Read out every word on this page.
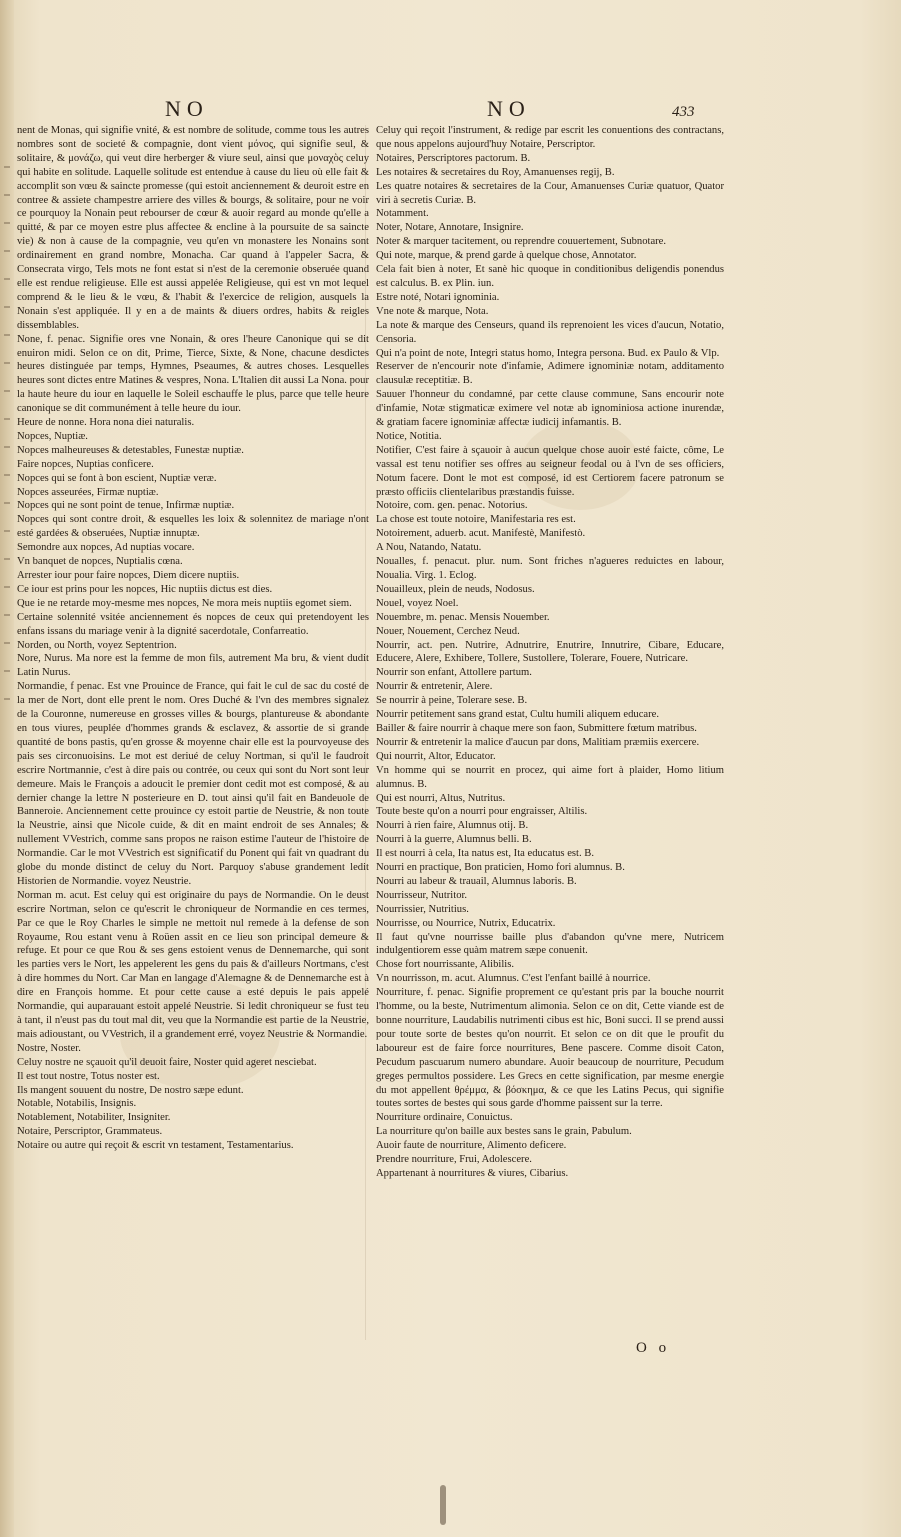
NO	NO	433

nent de Monas, qui signifie vnité, & est nombre de solitude, comme tous les autres nombres sont de societé & compagnie, dont vient μόνος, qui signifie seul, & solitaire, & μονάζω, qui veut dire herberger & viure seul, ainsi que μοναχὸς celuy qui habite en solitude. Laquelle solitude est entendue à cause du lieu où elle fait & accomplit son vœu & saincte promesse (qui estoit anciennement & deuroit estre en contree & assiete champestre arriere des villes & bourgs, & solitaire, pour ne voir ce pourquoy la Nonain peut rebourser de cœur & auoir regard au monde qu'elle a quitté, & par ce moyen estre plus affectee & encline à la poursuite de sa saincte vie) & non à cause de la compagnie, veu qu'en vn monastere les Nonains sont ordinairement en grand nombre, Monacha. Car quand à l'appeler Sacra, & Consecrata virgo, Tels mots ne font estat si n'est de la ceremonie obseruée quand elle est rendue religieuse. Elle est aussi appelée Religieuse, qui est vn mot lequel comprend & le lieu & le vœu, & l'habit & l'exercice de religion, ausquels la Nonain s'est appliquée. Il y en a de maints & diuers ordres, habits & reigles dissemblables.

None, f. penac. Signifie ores vne Nonain, & ores l'heure Canonique qui se dit enuiron midi. Selon ce on dit, Prime, Tierce, Sixte, & None, chacune desdictes heures distinguée par temps, Hymnes, Pseaumes, & autres choses. Lesquelles heures sont dictes entre Matines & vespres, Nona. L'Italien dit aussi La Nona. pour la haute heure du iour en laquelle le Soleil eschauffe le plus, parce que telle heure canonique se dit communément à telle heure du iour.

Heure de nonne. Hora nona diei naturalis.

Nopces, Nuptiæ.

Nopces malheureuses & detestables, Funestæ nuptiæ.

Faire nopces, Nuptias conficere.

Nopces qui se font à bon escient, Nuptiæ veræ.

Nopces asseurées, Firmæ nuptiæ.

Nopces qui ne sont point de tenue, Infirmæ nuptiæ.

Nopces qui sont contre droit, & esquelles les loix & solennitez de mariage n'ont esté gardées & obseruées, Nuptiæ innuptæ.

Semondre aux nopces, Ad nuptias vocare.

Vn banquet de nopces, Nuptialis cœna.

Arrester iour pour faire nopces, Diem dicere nuptiis.

Ce iour est prins pour les nopces, Hic nuptiis dictus est dies.

Que ie ne retarde moy-mesme mes nopces, Ne mora meis nuptiis egomet siem.

Certaine solennité vsitée anciennement és nopces de ceux qui pretendoyent les enfans issans du mariage venir à la dignité sacerdotale, Confarreatio.

Norden, ou North, voyez Septentrion.

Nore, Nurus. Ma nore est la femme de mon fils, autrement Ma bru, & vient dudit Latin Nurus.

Normandie, f penac. Est vne Prouince de France, qui fait le cul de sac du costé de la mer de Nort, dont elle prent le nom. Ores Duché & l'vn des membres signalez de la Couronne, numereuse en grosses villes & bourgs, plantureuse & abondante en tous viures, peuplée d'hommes grands & esclavez, & assortie de si grande quantité de bons pastis, qu'en grosse & moyenne chair elle est la pourvoyeuse des pais ses circonuoisins. Le mot est deriué de celuy Nortman, si qu'il le faudroit escrire Nortmannie, c'est à dire pais ou contrée, ou ceux qui sont du Nort sont leur demeure. Mais le François a adoucit le premier dont cedit mot est composé, & au dernier change la lettre N posterieure en D. tout ainsi qu'il fait en Bandeuole de Banneroie. Anciennement cette prouince cy estoit partie de Neustrie, & non toute la Neustrie, ainsi que Nicole cuide, & dit en maint endroit de ses Annales; & nullement VVestrich, comme sans propos ne raison estime l'auteur de l'histoire de Normandie. Car le mot VVestrich est significatif du Ponent qui fait vn quadrant du globe du monde distinct de celuy du Nort. Parquoy s'abuse grandement ledit Historien de Normandie. voyez Neustrie.

Norman m. acut. Est celuy qui est originaire du pays de Normandie. On le deust escrire Nortman, selon ce qu'escrit le chroniqueur de Normandie en ces termes, Par ce que le Roy Charles le simple ne mettoit nul remede à la defense de son Royaume, Rou estant venu à Roüen assit en ce lieu son principal demeure & refuge. Et pour ce que Rou & ses gens estoient venus de Dennemarche, qui sont les parties vers le Nort, les appelerent les gens du pais & d'ailleurs Nortmans, c'est à dire hommes du Nort. Car Man en langage d'Alemagne & de Dennemarche est à dire en François homme. Et pour cette cause a esté depuis le pais appelé Normandie, qui auparauant estoit appelé Neustrie. Si ledit chroniqueur se fust teu à tant, il n'eust pas du tout mal dit, veu que la Normandie est partie de la Neustrie, mais adioustant, ou VVestrich, il a grandement erré, voyez Neustrie & Normandie.

Nostre, Noster.

Celuy nostre ne sçauoit qu'il deuoit faire, Noster quid ageret nesciebat.

Il est tout nostre, Totus noster est.

Ils mangent souuent du nostre, De nostro sæpe edunt.

Notable, Notabilis, Insignis.

Notablement, Notabiliter, Insigniter.

Notaire, Perscriptor, Grammateus.

Notaire ou autre qui reçoit & escrit vn testament, Testamentarius.

Celuy qui reçoit l'instrument, & redige par escrit les conuentions des contractans, que nous appelons aujourd'huy Notaire, Perscriptor.

Notaires, Perscriptores pactorum. B.

Les notaires & secretaires du Roy, Amanuenses regij, B.

Les quatre notaires & secretaires de la Cour, Amanuenses Curiæ quatuor, Quator viri à secretis Curiæ. B.

Notamment.

Noter, Notare, Annotare, Insignire.

Noter & marquer tacitement, ou reprendre couuertement, Subnotare.

Qui note, marque, & prend garde à quelque chose, Annotator.

Cela fait bien à noter, Et sanè hic quoque in conditionibus deligendis ponendus est calculus. B. ex Plin. iun.

Estre noté, Notari ignominia.

Vne note & marque, Nota.

La note & marque des Censeurs, quand ils reprenoient les vices d'aucun, Notatio, Censoria.

Qui n'a point de note, Integri status homo, Integra persona. Bud. ex Paulo & Vlp.

Reserver de n'encourir note d'infamie, Adimere ignominiæ notam, additamento clausulæ receptitiæ. B.

Sauuer l'honneur du condamné, par cette clause commune, Sans encourir note d'infamie, Notæ stigmaticæ eximere vel notæ ab ignominiosa actione inurendæ, & gratiam facere ignominiæ affectæ iudicij infamantis. B.

Notice, Notitia.

Notifier, C'est faire à sçauoir à aucun quelque chose auoir esté faicte, côme, Le vassal est tenu notifier ses offres au seigneur feodal ou à l'vn de ses officiers, Notum facere. Dont le mot est composé, id est Certiorem facere patronum se præsto officiis clientelaribus præstandis fuisse.

Notoire, com. gen. penac. Notorius.

La chose est toute notoire, Manifestaria res est.

Notoirement, aduerb. acut. Manifestè, Manifestò.

A Nou, Natando, Natatu.

Noualles, f. penacut. plur. num. Sont friches n'agueres reduictes en labour, Noualia. Virg. 1. Eclog.

Nouailleux, plein de neuds, Nodosus.

Nouel, voyez Noel.

Nouembre, m. penac. Mensis Nouember.

Nouer, Nouement, Cerchez Neud.

Nourrir, act. pen. Nutrire, Adnutrire, Enutrire, Innutrire, Cibare, Educare, Educere, Alere, Exhibere, Tollere, Sustollere, Tolerare, Fouere, Nutricare.

Nourrir son enfant, Attollere partum.

Nourrir & entretenir, Alere.

Se nourrir à peine, Tolerare sese. B.

Nourrir petitement sans grand estat, Cultu humili aliquem educare.

Bailler & faire nourrir à chaque mere son faon, Submittere fœtum matribus.

Nourrir & entretenir la malice d'aucun par dons, Malitiam præmiis exercere.

Qui nourrit, Altor, Educator.

Vn homme qui se nourrit en procez, qui aime fort à plaider, Homo litium alumnus. B.

Qui est nourri, Altus, Nutritus.

Toute beste qu'on a nourri pour engraisser, Altilis.

Nourri à rien faire, Alumnus otij. B.

Nourri à la guerre, Alumnus belli. B.

Il est nourri à cela, Ita natus est, Ita educatus est. B.

Nourri en practique, Bon praticien, Homo fori alumnus. B.

Nourri au labeur & trauail, Alumnus laboris. B.

Nourrisseur, Nutritor.

Nourrissier, Nutritius.

Nourrisse, ou Nourrice, Nutrix, Educatrix.

Il faut qu'vne nourrisse baille plus d'abandon qu'vne mere, Nutricem indulgentiorem esse quàm matrem sæpe conuenit.

Chose fort nourrissante, Alibilis.

Vn nourrisson, m. acut. Alumnus. C'est l'enfant baillé à nourrice.

Nourriture, f. penac. Signifie proprement ce qu'estant pris par la bouche nourrit l'homme, ou la beste, Nutrimentum alimonia. Selon ce on dit, Cette viande est de bonne nourriture, Laudabilis nutrimenti cibus est hic, Boni succi. Il se prend aussi pour toute sorte de bestes qu'on nourrit. Et selon ce on dit que le proufit du laboureur est de faire force nourritures, Bene pascere. Comme disoit Caton, Pecudum pascuarum numero abundare. Auoir beaucoup de nourriture, Pecudum greges permultos possidere. Les Grecs en cette signification, par mesme energie du mot appellent θρέμμα, & βόσκημα, & ce que les Latins Pecus, qui signifie toutes sortes de bestes qui sous garde d'homme paissent sur la terre.

Nourriture ordinaire, Conuictus.

La nourriture qu'on baille aux bestes sans le grain, Pabulum.

Auoir faute de nourriture, Alimento deficere.

Prendre nourriture, Frui, Adolescere.

Appartenant à nourritures & viures, Cibarius.

O o
